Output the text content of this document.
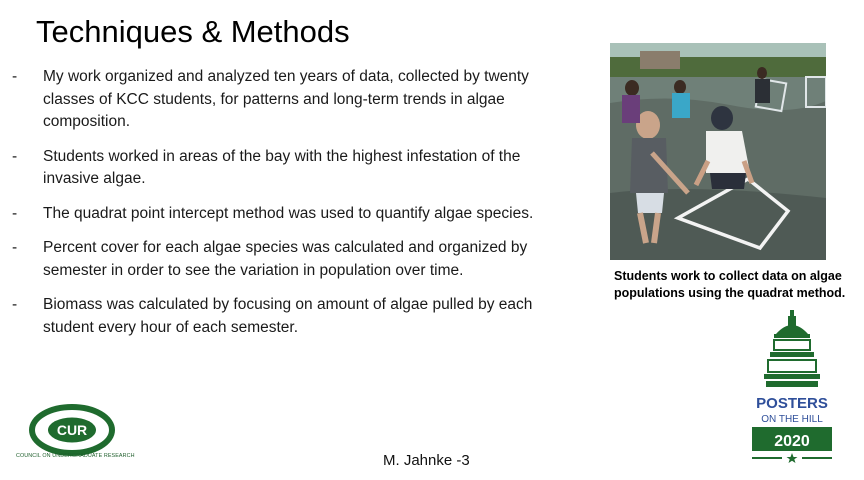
Techniques & Methods
- My work organized and analyzed ten years of data, collected by twenty classes of KCC students, for patterns and long-term trends in algae composition.
- Students worked in areas of the bay with the highest infestation of the invasive algae.
- The quadrat point intercept method was used to quantify algae species.
- Percent cover for each algae species was calculated and organized by semester in order to see the variation in population over time.
- Biomass was calculated by focusing on amount of algae pulled by each student every hour of each semester.
Students work to collect data on algae populations using the quadrat method.
CUR TM
COUNCIL ON UNDERGRADUATE RESEARCH	M. Jahnke -3
POSTERS
ON THE HILL
2020
